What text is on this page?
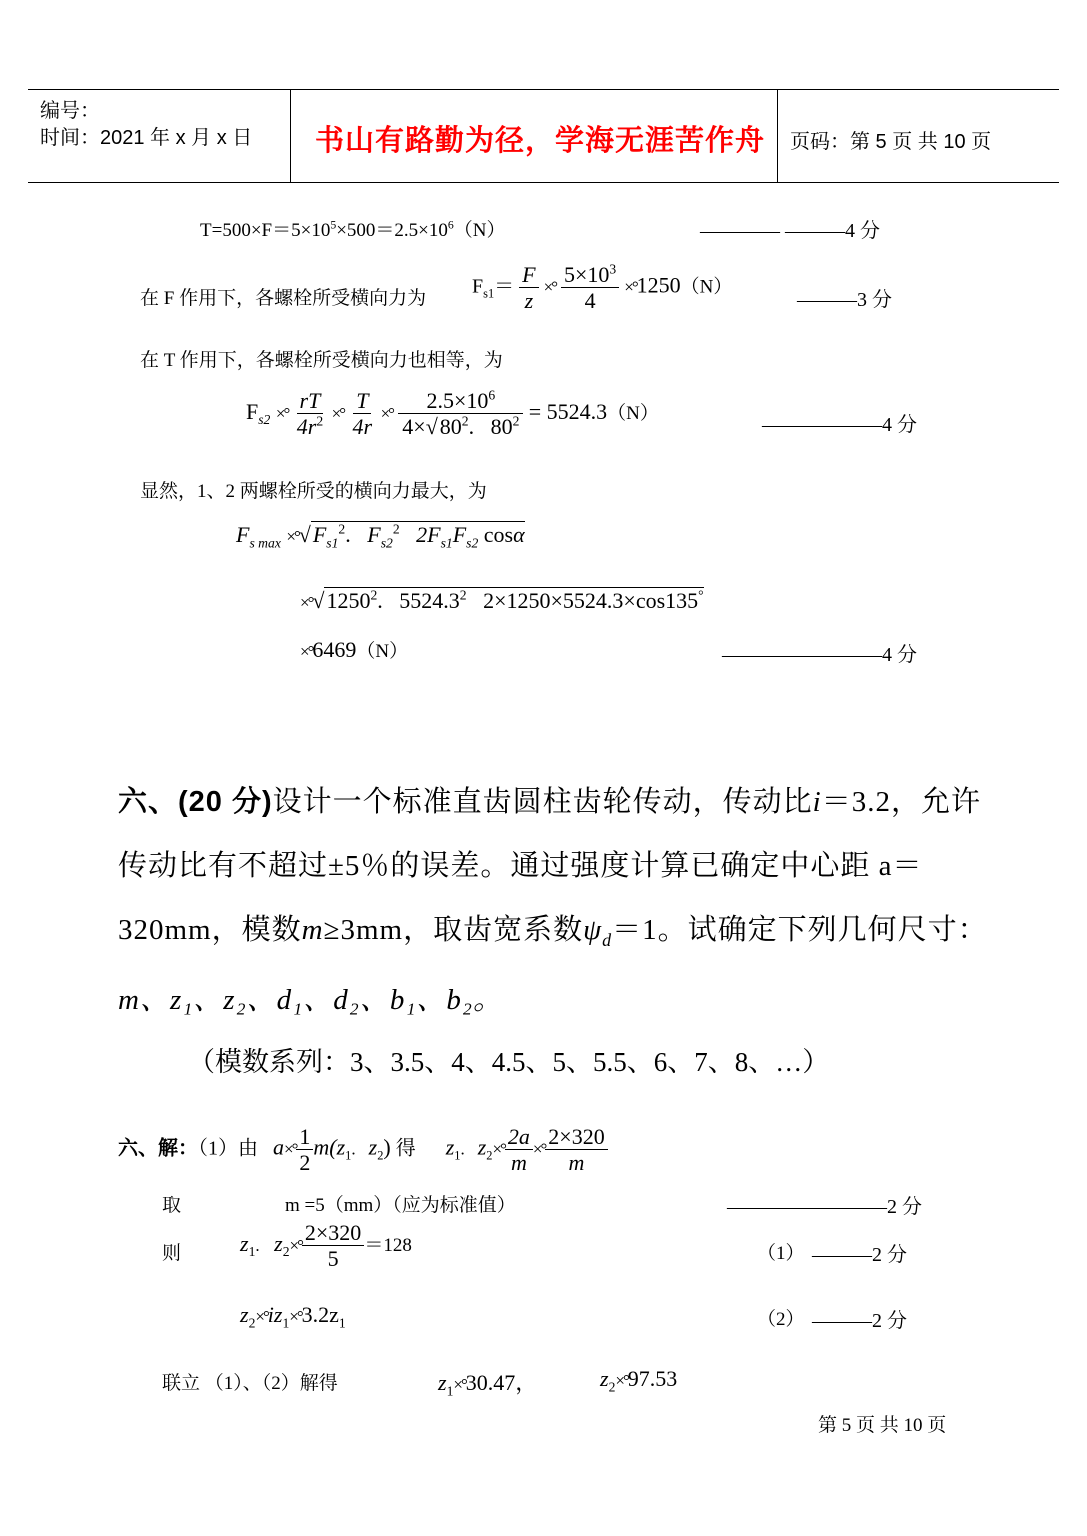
编号：
时间：2021 年 x 月 x 日 书山有路勤为径，学海无涯苦作舟 页码：第 5 页 共 10 页
$T=500\times F=5\times 10^5\times 500=2.5\times 10^6(N)$	———— ———4 分
在 F 作用下，各螺栓所受横向力为
$F_{s1}= \frac{F}{z}$ ×° $\frac{5\times 10^3}{4} \times^\circ 1250(N)$
———3 分
在 T 作用下，各螺栓所受横向力也相等，为
$F_{s2}$ ×° $\frac{rT}{4r^2}$ ×° $\frac{T}{4r}$ ×° $\frac{2.5\times 10^6}{4\times√80^2. 80^2} = 5524.3(N)$
——————4 分
显然，1、2 两螺栓所受的横向力最大，为
$F_{s max} \times^\circ√F_{s1}^2$.   $F_{s2}^2$ $2F_{s1}F_{s2}$ cosα
$\times^\circ√1250^2$.   5524.3$^2$ 2×1250×5524.3×cos135°
×°6469（N）	————————4 分
六、(20 分)设计一个标准直齿圆柱齿轮传动，传动比i＝3.2，允许
传动比有不超过±5％的误差。通过强度计算已确定中心距 a＝
320mm，模数m≥3mm，取齿宽系数$\psi_d=1$。试确定下列几何尺寸：
m、z₁、z₂、d₁、d₂、b₁、b₂。
（模数系列：3、3.5、4、4.5、5、5.5、6、7、8、…）
六、解：（1）由 $a\times^\circ \frac{1}{2} m(z_1$. $z_2$) 得 $z_1$. $z_2\times^\circ \frac{2a}{m}$ ×° $\frac{2\times 320}{m}$
取	m =5（mm）（应为标准值）	————————2 分
则	$z_1$. $z_2\times^\circ \frac{2\times 320}{5} =128$	（1） ———2 分
$z_2\times^\circ iz_1\times^\circ 3.2z_1$	（2） ———2 分
联立 （1）、（2）解得	$z_1\times^\circ 30.47$，	$z_2\times^\circ 97.53$
第 5 页 共 10 页
